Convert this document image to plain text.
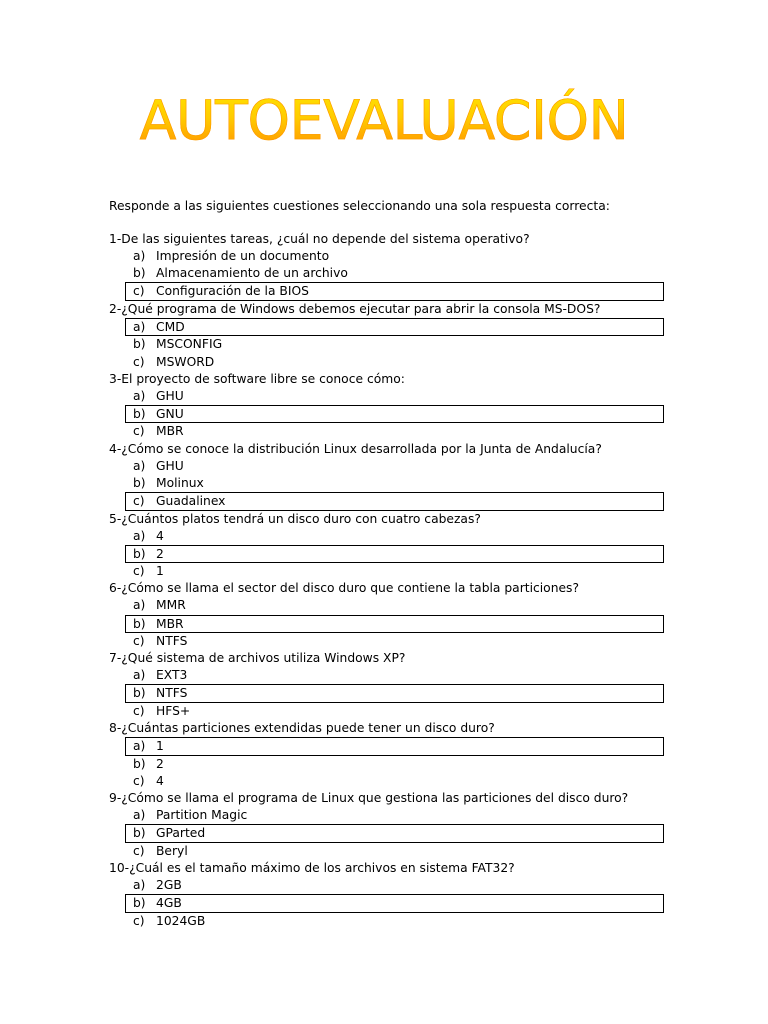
AUTOEVALUACIÓN
Responde a las siguientes cuestiones seleccionando una sola respuesta correcta:
1-De las siguientes tareas, ¿cuál no depende del sistema operativo?
a) Impresión de un documento
b) Almacenamiento de un archivo
c) Configuración de la BIOS
2-¿Qué programa de Windows debemos ejecutar para abrir la consola MS-DOS?
a) CMD
b) MSCONFIG
c) MSWORD
3-El proyecto de software libre se conoce cómo:
a) GHU
b) GNU
c) MBR
4-¿Cómo se conoce la distribución Linux desarrollada por la Junta de Andalucía?
a) GHU
b) Molinux
c) Guadalinex
5-¿Cuántos platos tendrá un disco duro con cuatro cabezas?
a) 4
b) 2
c) 1
6-¿Cómo se llama el sector del disco duro que contiene la tabla particiones?
a) MMR
b) MBR
c) NTFS
7-¿Qué sistema de archivos utiliza Windows XP?
a) EXT3
b) NTFS
c) HFS+
8-¿Cuántas particiones extendidas puede tener un disco duro?
a) 1
b) 2
c) 4
9-¿Cómo se llama el programa de Linux que gestiona las particiones del disco duro?
a) Partition Magic
b) GParted
c) Beryl
10-¿Cuál es el tamaño máximo de los archivos en sistema FAT32?
a) 2GB
b) 4GB
c) 1024GB
